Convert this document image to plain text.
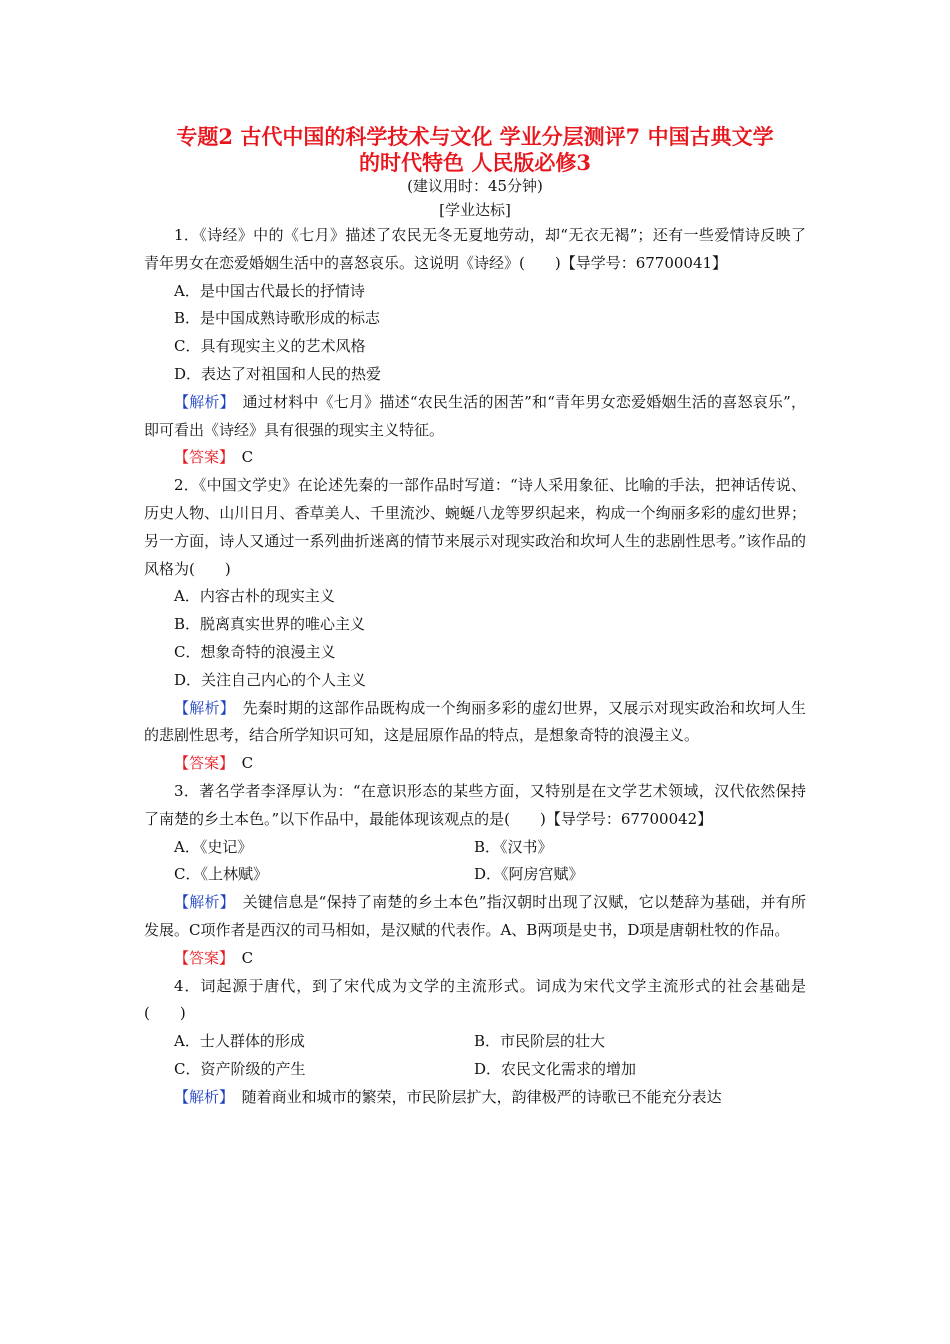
专题2 古代中国的科学技术与文化 学业分层测评7 中国古典文学
的时代特色 人民版必修3
(建议用时：45分钟)
[学业达标]

1．《诗经》中的《七月》描述了农民无冬无夏地劳动，却“无衣无褐”；还有一些爱情诗反映了青年男女在恋爱婚姻生活中的喜怒哀乐。这说明《诗经》(　　)【导学号：67700041】

A．是中国古代最长的抒情诗

B．是中国成熟诗歌形成的标志

C．具有现实主义的艺术风格

D．表达了对祖国和人民的热爱

【解析】　 通过材料中《七月》描述“农民生活的困苦”和“青年男女恋爱婚姻生活的喜怒哀乐”，即可看出《诗经》具有很强的现实主义特征。

【答案】　 C

2．《中国文学史》在论述先秦的一部作品时写道：“诗人采用象征、比喻的手法，把神话传说、历史人物、山川日月、香草美人、千里流沙、蜿蜒八龙等罗织起来，构成一个绚丽多彩的虚幻世界；另一方面，诗人又通过一系列曲折迷离的情节来展示对现实政治和坎坷人生的悲剧性思考。”该作品的风格为(　　)

A．内容古朴的现实主义

B．脱离真实世界的唯心主义

C．想象奇特的浪漫主义

D．关注自己内心的个人主义

【解析】　 先秦时期的这部作品既构成一个绚丽多彩的虚幻世界，又展示对现实政治和坎坷人生的悲剧性思考，结合所学知识可知，这是屈原作品的特点，是想象奇特的浪漫主义。

【答案】　 C

3．著名学者李泽厚认为：“在意识形态的某些方面，又特别是在文学艺术领域，汉代依然保持了南楚的乡土本色。”以下作品中，最能体现该观点的是(　　)【导学号：67700042】

A．《史记》	B．《汉书》

C．《上林赋》	D．《阿房宫赋》

【解析】　 关键信息是“保持了南楚的乡土本色”指汉朝时出现了汉赋，它以楚辞为基础，并有所发展。C项作者是西汉的司马相如，是汉赋的代表作。A、B两项是史书，D项是唐朝杜牧的作品。

【答案】　 C

4．词起源于唐代，到了宋代成为文学的主流形式。词成为宋代文学主流形式的社会基础是(　　)

A．士人群体的形成	B．市民阶层的壮大

C．资产阶级的产生	D．农民文化需求的增加

【解析】　 随着商业和城市的繁荣，市民阶层扩大，韵律极严的诗歌已不能充分表达
